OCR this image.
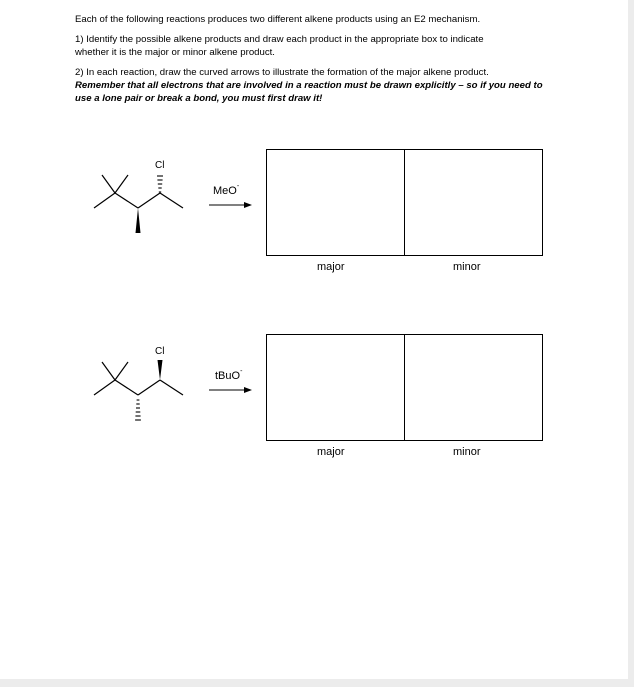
Each of the following reactions produces two different alkene products using an E2 mechanism.

1) Identify the possible alkene products and draw each product in the appropriate box to indicate

whether it is the major or minor alkene product.

2) In each reaction, draw the curved arrows to illustrate the formation of the major alkene product.

Remember that all electrons that are involved in a reaction must be drawn explicitly – so if you need to

use a lone pair or break a bond, you must first draw it!

Cl
Cl
MeO-
tBuO-
major	minor
major	minor
